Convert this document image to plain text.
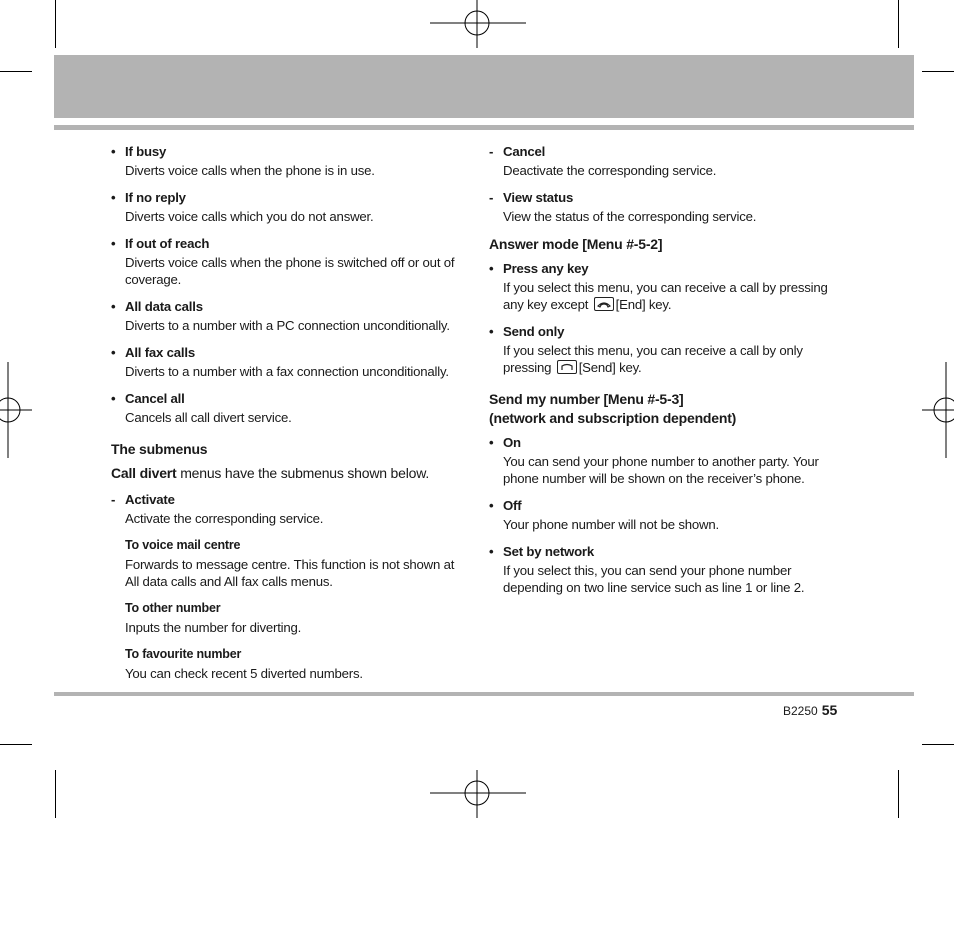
• If busy
Diverts voice calls when the phone is in use.
• If no reply
Diverts voice calls which you do not answer.
• If out of reach
Diverts voice calls when the phone is switched off or out of coverage.
• All data calls
Diverts to a number with a PC connection unconditionally.
• All fax calls
Diverts to a number with a fax connection unconditionally.
• Cancel all
Cancels all call divert service.
The submenus
Call divert menus have the submenus shown below.
- Activate
Activate the corresponding service.
To voice mail centre
Forwards to message centre. This function is not shown at All data calls and All fax calls menus.
To other number
Inputs the number for diverting.
To favourite number
You can check recent 5 diverted numbers.
- Cancel
Deactivate the corresponding service.
- View status
View the status of the corresponding service.
Answer mode [Menu #-5-2]
• Press any key
If you select this menu, you can receive a call by pressing any key except [End] key.
• Send only
If you select this menu, you can receive a call by only pressing [Send] key.
Send my number [Menu #-5-3]
(network and subscription dependent)
• On
You can send your phone number to another party. Your phone number will be shown on the receiver’s phone.
• Off
Your phone number will not be shown.
• Set by network
If you select this, you can send your phone number depending on two line service such as line 1 or line 2.
B2250 55
